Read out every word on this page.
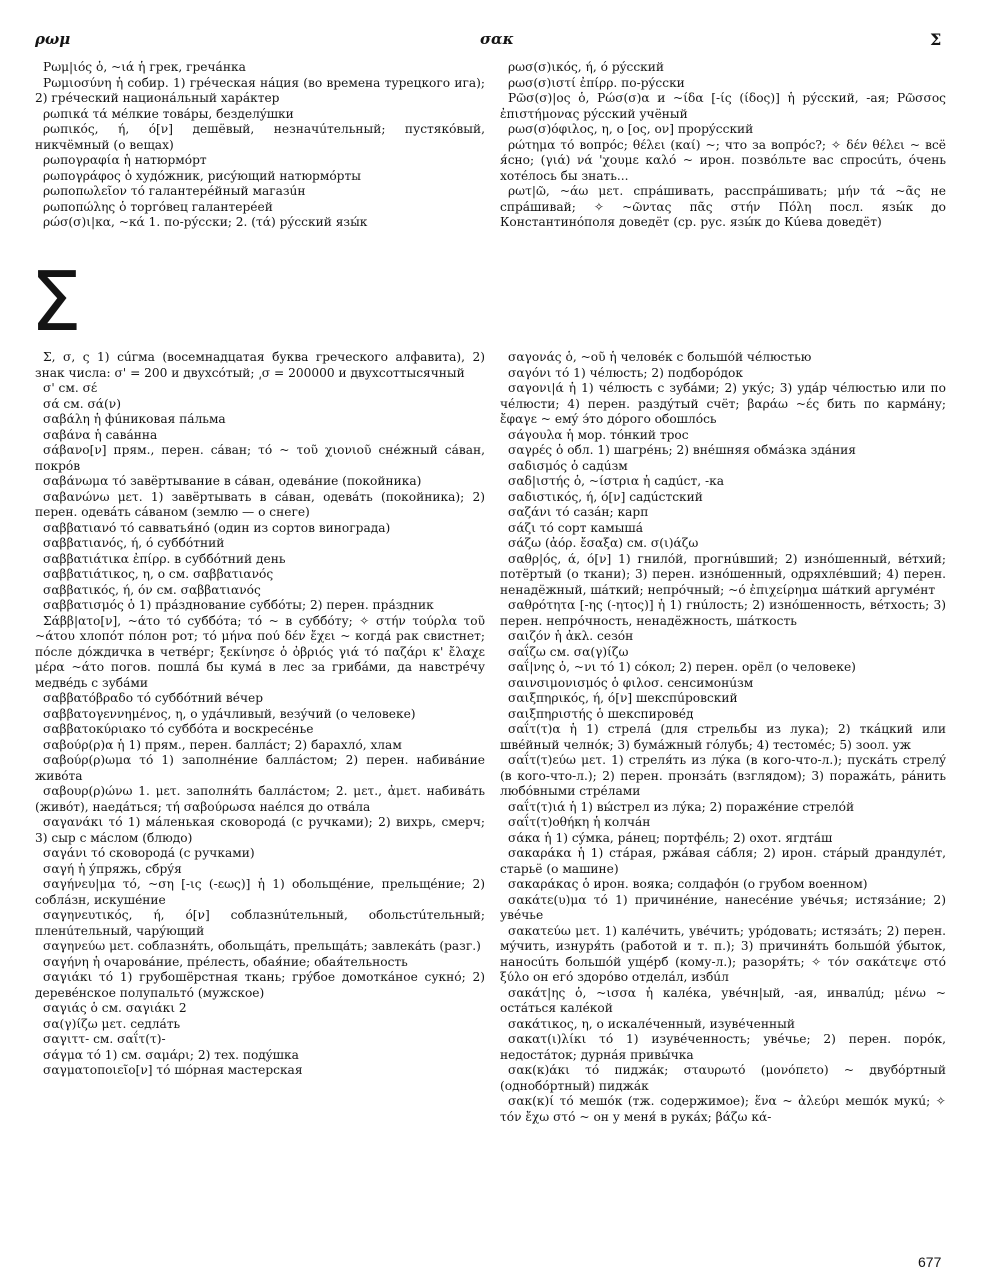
ρωμ	σακ	Σ

Ρωμ|ιός ὁ, ~ιά ἡ грек, гречáнка

Ρωμιοσύνη ἡ собир. 1) грéческая нáция (во времена турецкого ига); 2) грéческий национáльный харáктер

ρωπικά τά мéлкие товáры, безделýшки

ρωπικός, ή, ό[ν] дешёвый, незначúтельный; пустякóвый, никчёмный (о вещах)

ρωπογραφία ἡ натюрмóрт

ρωπογράφος ὁ худóжник, рисýющий натюрмóрты

ρωποπωλεῖον τό галантерéйный магазúн

ρωποπώλης ὁ торгóвец галантерéей

ρώσ(σ)ι|κα, ~κά 1. по-рýсски; 2. (τά) рýсский язы́к

ρωσ(σ)ικός, ή, ό рýсский

ρωσ(σ)ιστί ἐπίρρ. по-рýсски

Ρῶσ(σ)|ος ὁ, Ρώσ(σ)α и ~ίδα [-ίς (ίδος)] ἡ рýсский, -ая; Ρῶσσος ἐπιστήμονας рýсский учёный

ρωσ(σ)όφιλος, η, ο [ος, ον] прорýсский

ρώτημα τό вопрóс; θέλει (καί) ~; что за вопрóс?; ✧ δέν θέλει ~ всё я́сно; (γιά) νά 'χουμε καλό ~ ирон. позвóльте вас спросúть, óчень хотéлось бы знать...

ρωτ|ῶ, ~άω μετ. спрáшивать, расспрáшивать; μήν τά ~ᾶς не спрáшивай; ✧ ~ῶντας πᾶς στήν Πόλη посл. язы́к до Константинóполя доведёт (ср. рус. язы́к до Кúева доведёт)

Σ

Σ, σ, ς 1) сúгма (восемнадцатая буква греческого алфавита), 2) знак числа: σ' = 200 и двухсóтый; ͵σ = 200000 и двухсоттысячный

σ' см. σέ

σά см. σά(ν)

σαβάλη ἡ фúниковая пáльма

σαβάνα ἡ савáнна

σάβανο[ν] прям., перен. сáван; τό ~ τοῦ χιονιοῦ снéжный сáван, покрóв

σαβάνωμα τό завёртывание в сáван, одевáние (покойника)

σαβανώνω μετ. 1) завёртывать в сáван, одевáть (покойника); 2) перен. одевáть сáваном (землю — о снеге)

σαββατιανό τό савватья́нó (один из сортов винограда)

σαββατιανός, ή, ό суббóтний

σαββατιάτικα ἐπίρρ. в суббóтний день

σαββατιάτικος, η, ο см. σαββατιανός

σαββατικός, ή, όν см. σαββατιανός

σαββατισμός ὁ 1) прáзднование суббóты; 2) перен. прáздник

Σάββ|ατο[ν], ~άτο τό суббóта; τό ~ в суббóту; ✧ στήν τούρλα τοῦ ~άτου хлопóт пóлон рот; τό μήνα πού δέν ἔχει ~ когдá рак свистнет; пóсле дóждичка в четвéрг; ξεκίνησε ὁ ὀβριός γιά τό παζάρι κ' ἔλαχε μέρα ~άτο погов. пошлá бы кумá в лес за грибáми, да навстрéчу медвéдь с зубáми

σαββατόβραδο τό суббóтний вéчер

σαββατογεννημένος, η, ο удáчливый, везýчий (о человеке)

σαββατοκύριακο τό суббóта и воскресéнье

σαβούρ(ρ)α ἡ 1) прям., перен. баллáст; 2) барахлó, хлам

σαβούρ(ρ)ωμα τό 1) заполнéние баллáстом; 2) перен. набивáние живóта

σαβουρ(ρ)ώνω 1. μετ. заполня́ть баллáстом; 2. μετ., ἀμετ. набивáть (живóт), наедáться; τή σαβούρωσα наéлся до отвáла

σαγανάκι τό 1) мáленькая сковородá (с ручками); 2) вихрь, смерч; 3) сыр с мáслом (блюдо)

σαγάνι τό сковородá (с ручками)

σαγή ἡ ýпряжь, сбрýя

σαγήνευ|μα τό, ~ση [-ις (-εως)] ἡ 1) обольщéние, прельщéние; 2) соблáзн, искушéние

σαγηνευτικός, ή, ό[ν] соблазнúтельный, обольстúтельный; пленúтельный, чарýющий

σαγηνεύω μετ. соблазня́ть, обольщáть, прельщáть; завлекáть (разг.)

σαγήνη ἡ очаровáние, прéлесть, обая́ние; обая́тельность

σαγιάκι τό 1) грубошёрстная ткань; грýбое домоткáное сукнó; 2) деревéнское полупальтó (мужское)

σαγιάς ὁ см. σαγιάκι 2

σα(γ)ίζω μετ. седлáть

σαγιττ- см. σαΐτ(τ)-

σάγμα τό 1) см. σαμάρι; 2) тех. подýшка

σαγματοποιεῖο[ν] τό шóрная мастерская

σαγονάς ὁ, ~οῦ ἡ человéк с большóй чéлюстью

σαγόνι τό 1) чéлюсть; 2) подборóдок

σαγονι|ά ἡ 1) чéлюсть с зубáми; 2) укýс; 3) удáр чéлюстью или по чéлюсти; 4) перен. раздýтый счёт; βαράω ~ές бить по кармáну; ἔφαγε ~ емý э́то дóрого обошлóсь

σάγουλα ἡ мор. тóнкий трос

σαγρές ὁ обл. 1) шагрéнь; 2) внéшняя обмáзка здáния

σαδισμός ὁ садúзм

σαδ|ιστής ὁ, ~ίστρια ἡ садúст, -ка

σαδιστικός, ή, ό[ν] садúстский

σαζάνι τό сазáн; карп

σάζι τό сорт камышá

σάζω (ἀόρ. ἔσαξα) см. σ(ι)άζω

σαθρ|ός, ά, ό[ν] 1) гнилóй, прогнúвший; 2) изнóшенный, вéтхий; потёртый (о ткани); 3) перен. изнóшенный, одряхлéвший; 4) перен. ненадёжный, шáткий; непрóчный; ~ό ἐπιχείρημα шáткий аргумéнт

σαθρότητα [-ης (-ητος)] ἡ 1) гнúлость; 2) изнóшенность, вéтхость; 3) перен. непрóчность, ненадёжность, шáткость

σαιζόν ἡ ἀκλ. сезóн

σαΐζω см. σα(γ)ίζω

σαΐ|νης ὁ, ~νι τό 1) сóкол; 2) перен. орёл (о человеке)

σαινσιμονισμός ὁ φιλοσ. сенсимонúзм

σαιξπηρικός, ή, ό[ν] шекспúровский

σαιξπηριστής ὁ шекспировéд

σαΐτ(τ)α ἡ 1) стрелá (для стрельбы из лука); 2) ткáцкий или швéйный челнóк; 3) бумáжный гóлубь; 4) тестомéс; 5) зоол. уж

σαΐτ(τ)εύω μετ. 1) стреля́ть из лýка (в кого-что-л.); пускáть стрелý (в кого-что-л.); 2) перен. пронзáть (взглядом); 3) поражáть, рáнить любóвными стрéлами

σαΐτ(τ)ιά ἡ 1) вы́стрел из лýка; 2) поражéние стрелóй

σαΐτ(τ)οθήκη ἡ колчáн

σάκα ἡ 1) сýмка, рáнец; портфéль; 2) охот. ягдтáш

σακαράκα ἡ 1) стáрая, ржáвая сáбля; 2) ирон. стáрый драндулéт, старьё (о машине)

σακαράκας ὁ ирон. вояка; солдафóн (о грубом военном)

σακάτε(υ)μα τό 1) причинéние, нанесéние увéчья; истязáние; 2) увéчье

σακατεύω μετ. 1) калéчить, увéчить; урóдовать; истязáть; 2) перен. мýчить, изнуря́ть (работой и т. п.); 3) причиня́ть большóй ýбыток, наносúть большóй ущéрб (кому-л.); разоря́ть; ✧ τόν σακάτεψε στό ξύλο он егó здорóво отделáл, избúл

σακάτ|ης ὁ, ~ισσα ἡ калéка, увéчн|ый, -ая, инвалúд; μένω ~ остáться калéкой

σακάτικος, η, ο искалéченный, изувéченный

σακατ(ι)λίκι τό 1) изувéченность; увéчье; 2) перен. порóк, недостáток; дурнáя привы́чка

σακ(κ)άκι τό пиджáк; σταυρωτό (μονόπετο) ~ двубóртный (однобóртный) пиджáк

σακ(κ)ί τό мешóк (тж. содержимое); ἕνα ~ ἀλεύρι мешóк мукú; ✧ τόν ἔχω στό ~ он у меня́ в рукáх; βάζω κά-

677
